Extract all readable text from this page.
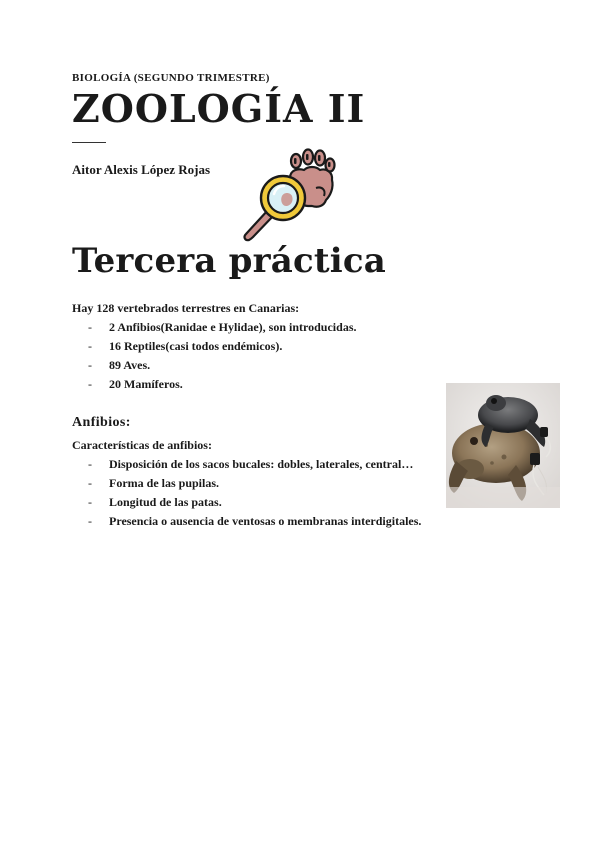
BIOLOGÍA (SEGUNDO TRIMESTRE)
ZOOLOGÍA II
Aitor Alexis López Rojas
Tercera práctica
Hay 128 vertebrados terrestres en Canarias:
- 2 Anfibios(Ranidae e Hylidae), son introducidas.
- 16 Reptiles(casi todos endémicos).
- 89 Aves.
- 20 Mamíferos.
Anfibios:
Características de anfibios:
- Disposición de los sacos bucales: dobles, laterales, central…
- Forma de las pupilas.
- Longitud de las patas.
- Presencia o ausencia de ventosas o membranas interdigitales.
